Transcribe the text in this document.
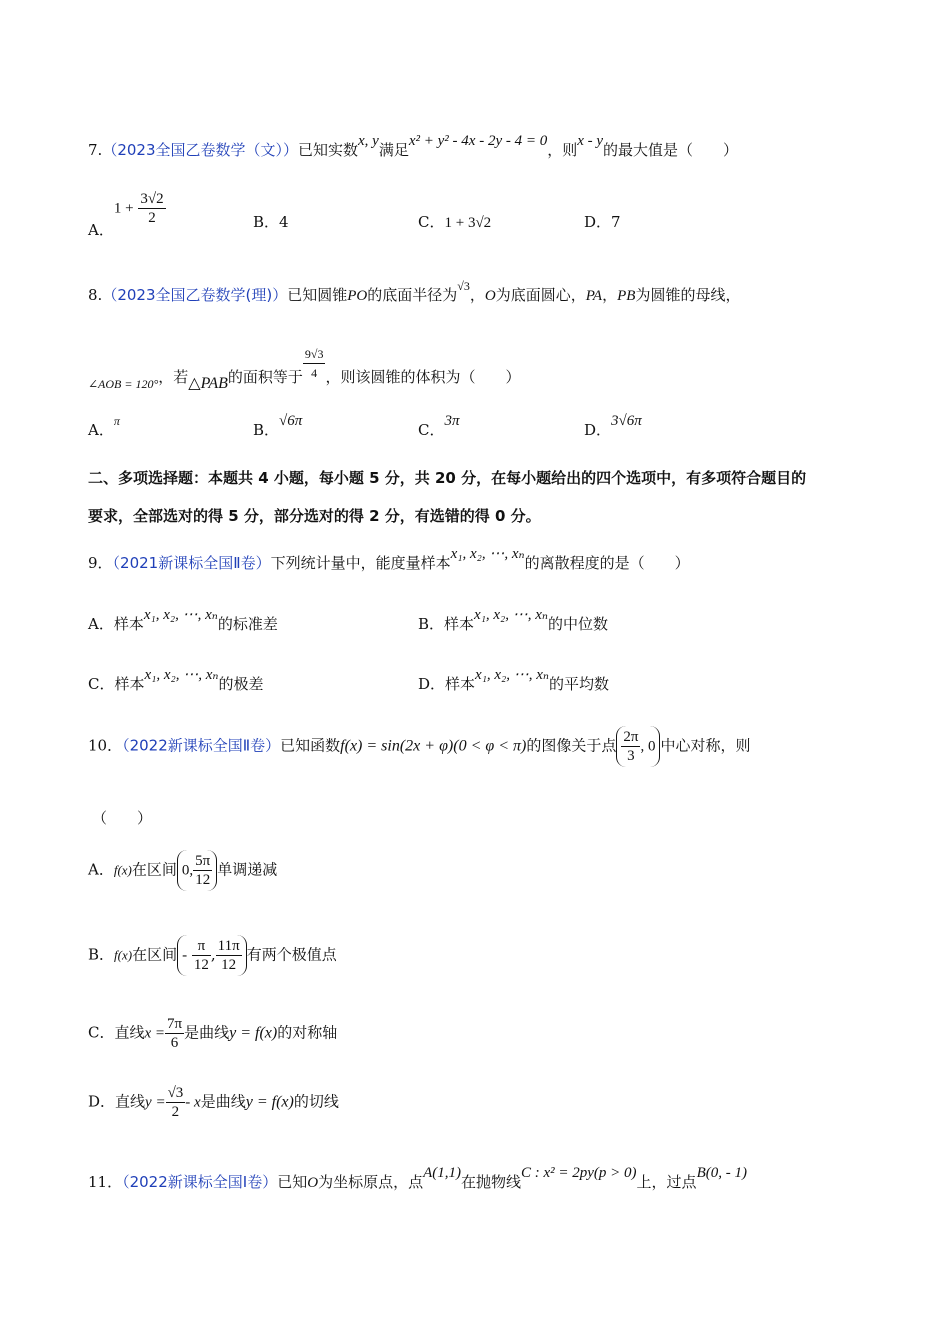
7.（2023全国乙卷数学（文））已知实数x, y满足x² + y² - 4x - 2y - 4 = 0，则x - y的最大值是（　　）
A．$1 + \frac{3√2}{2}$	B．4	C．1 + 3√2	D．7
8.（2023全国乙卷数学(理)）已知圆锥PO的底面半径为$^{√3}$，O为底面圆心，PA，PB为圆锥的母线，
$_{\angle AOB = 120^\circ}$，若△PAB的面积等于 $\frac{9√3}{4}$ ，则该圆锥的体积为（　　）
A．$^\pi$	B．√6π	C．3π	D．3√6π
二、多项选择题：本题共 4 小题，每小题 5 分，共 20 分，在每小题给出的四个选项中，有多项符合题目的
要求，全部选对的得 5 分，部分选对的得 2 分，有选错的得 0 分。
9．（2021新课标全国Ⅱ卷）下列统计量中，能度量样本x₁, x₂, ⋯, xₙ的离散程度的是（　　）
A．样本x₁, x₂, ⋯, xₙ的标准差	B．样本x₁, x₂, ⋯, xₙ的中位数
C．样本x₁, x₂, ⋯, xₙ的极差	D．样本x₁, x₂, ⋯, xₙ的平均数
10．（2022新课标全国Ⅱ卷）已知函数f(x) = sin(2x + φ)(0 < φ < π)的图像关于点 $\frac{2\pi}{3}$ , 0 中心对称，则
（　　）
A．f(x)在区间 0, $\frac{5\pi}{12}$ 单调递减
B．f(x)在区间 - $\frac{\pi}{12}$ , $\frac{11\pi}{12}$ 有两个极值点
C．直线$x = \frac{7\pi}{6}$ 是曲线y = f(x)的对称轴
D．直线$y = \frac{√3}{2} - x$是曲线y = f(x)的切线
11．（2022新课标全国Ⅰ卷）已知O为坐标原点，点A(1,1)在抛物线C : x² = 2py(p > 0)上，过点B(0, - 1)
